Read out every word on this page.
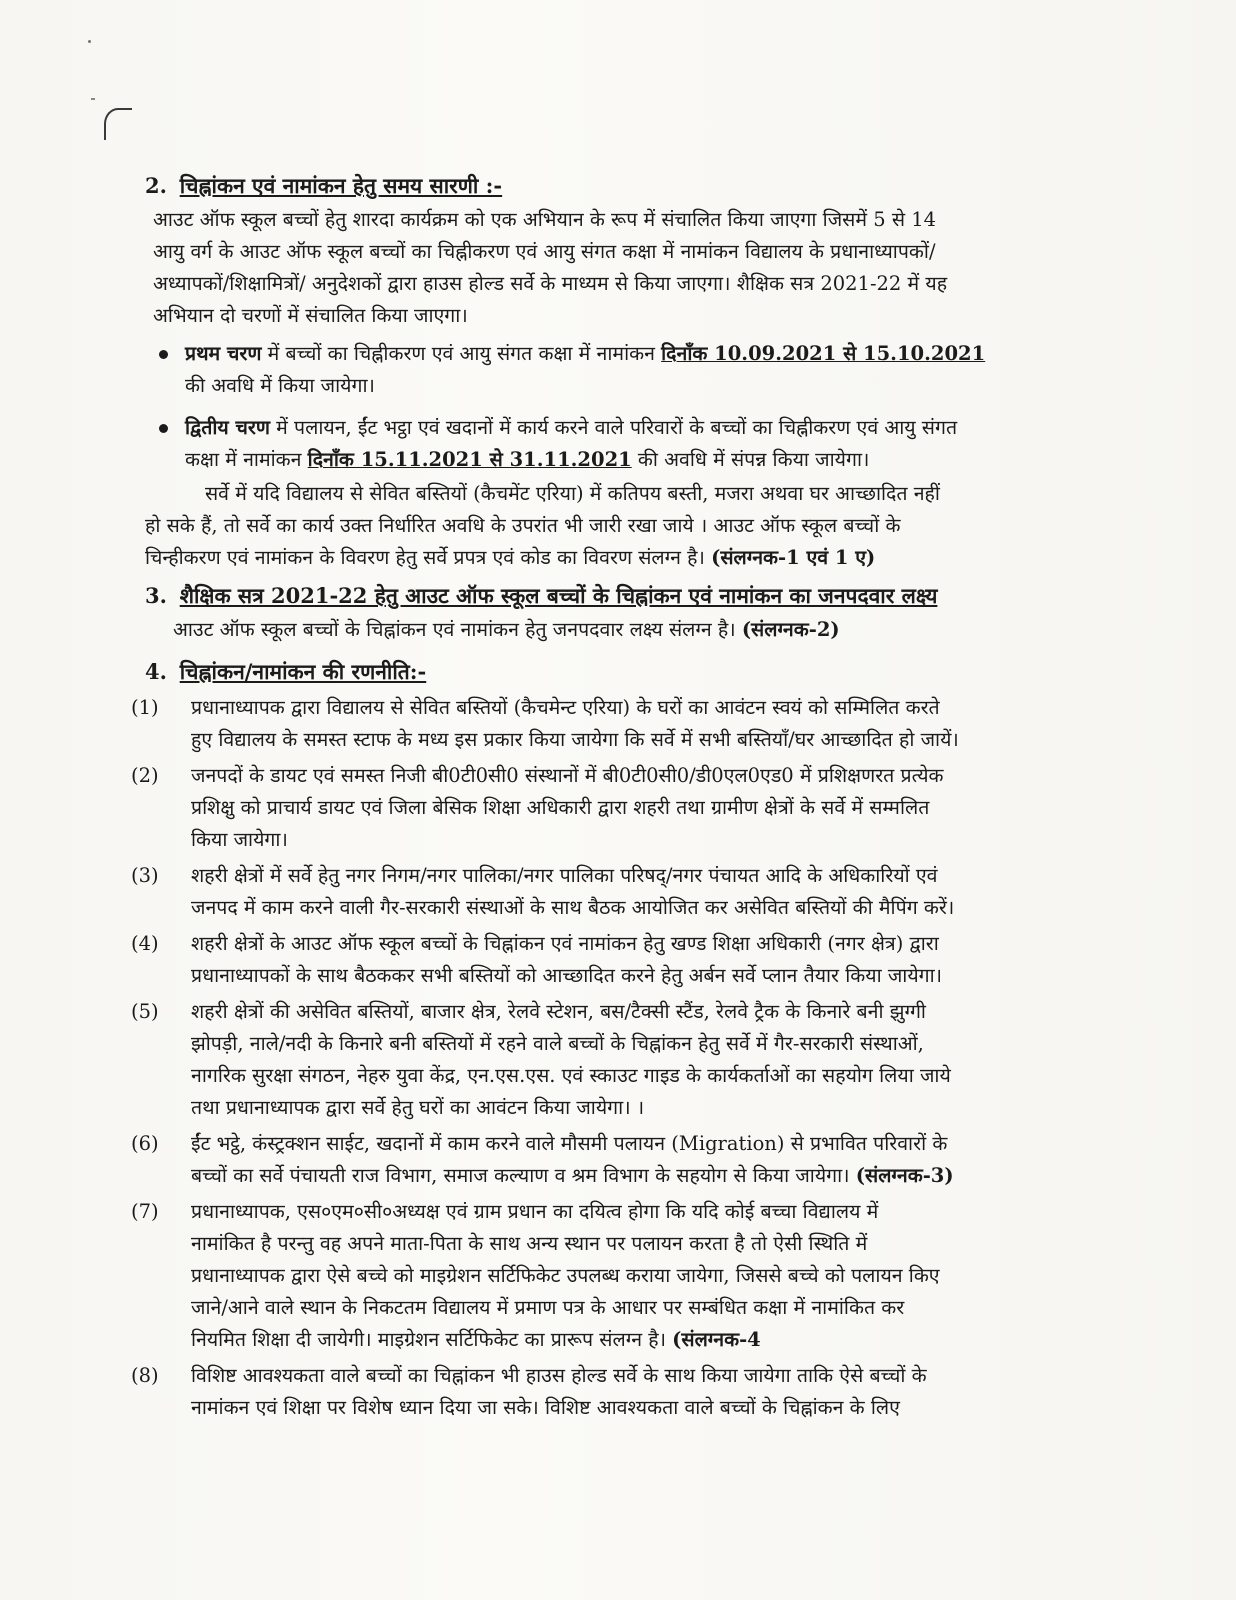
2. चिह्नांकन एवं नामांकन हेतु समय सारणी :-
आउट ऑफ स्कूल बच्चों हेतु शारदा कार्यक्रम को एक अभियान के रूप में संचालित किया जाएगा जिसमें 5 से 14
आयु वर्ग के आउट ऑफ स्कूल बच्चों का चिह्नीकरण एवं आयु संगत कक्षा में नामांकन विद्यालय के प्रधानाध्यापकों/
अध्यापकों/शिक्षामित्रों/ अनुदेशकों द्वारा हाउस होल्ड सर्वे के माध्यम से किया जाएगा। शैक्षिक सत्र 2021-22 में यह
अभियान दो चरणों में संचालित किया जाएगा।
प्रथम चरण में बच्चों का चिह्नीकरण एवं आयु संगत कक्षा में नामांकन दिनाँक 10.09.2021 से 15.10.2021
की अवधि में किया जायेगा।
द्वितीय चरण में पलायन, ईंट भट्ठा एवं खदानों में कार्य करने वाले परिवारों के बच्चों का चिह्नीकरण एवं आयु संगत
कक्षा में नामांकन दिनाँक 15.11.2021 से 31.11.2021 की अवधि में संपन्न किया जायेगा।
सर्वे में यदि विद्यालय से सेवित बस्तियों (कैचमेंट एरिया) में कतिपय बस्ती, मजरा अथवा घर आच्छादित नहीं
हो सके हैं, तो सर्वे का कार्य उक्त निर्धारित अवधि के उपरांत भी जारी रखा जाये । आउट ऑफ स्कूल बच्चों के
चिन्हीकरण एवं नामांकन के विवरण हेतु सर्वे प्रपत्र एवं कोड का विवरण संलग्न है। (संलग्नक-1 एवं 1 ए)
3. शैक्षिक सत्र 2021-22 हेतु आउट ऑफ स्कूल बच्चों के चिह्नांकन एवं नामांकन का जनपदवार लक्ष्य
आउट ऑफ स्कूल बच्चों के चिह्नांकन एवं नामांकन हेतु जनपदवार लक्ष्य संलग्न है। (संलग्नक-2)
4. चिह्नांकन/नामांकन की रणनीति:-
(1) प्रधानाध्यापक द्वारा विद्यालय से सेवित बस्तियों (कैचमेन्ट एरिया) के घरों का आवंटन स्वयं को सम्मिलित करते
हुए विद्यालय के समस्त स्टाफ के मध्य इस प्रकार किया जायेगा कि सर्वे में सभी बस्तियाँ/घर आच्छादित हो जायें।
(2) जनपदों के डायट एवं समस्त निजी बी0टी0सी0 संस्थानों में बी0टी0सी0/डी0एल0एड0 में प्रशिक्षणरत प्रत्येक
प्रशिक्षु को प्राचार्य डायट एवं जिला बेसिक शिक्षा अधिकारी द्वारा शहरी तथा ग्रामीण क्षेत्रों के सर्वे में सम्मलित
किया जायेगा।
(3) शहरी क्षेत्रों में सर्वे हेतु नगर निगम/नगर पालिका/नगर पालिका परिषद्/नगर पंचायत आदि के अधिकारियों एवं
जनपद में काम करने वाली गैर-सरकारी संस्थाओं के साथ बैठक आयोजित कर असेवित बस्तियों की मैपिंग करें।
(4) शहरी क्षेत्रों के आउट ऑफ स्कूल बच्चों के चिह्नांकन एवं नामांकन हेतु खण्ड शिक्षा अधिकारी (नगर क्षेत्र) द्वारा
प्रधानाध्यापकों के साथ बैठककर सभी बस्तियों को आच्छादित करने हेतु अर्बन सर्वे प्लान तैयार किया जायेगा।
(5) शहरी क्षेत्रों की असेवित बस्तियों, बाजार क्षेत्र, रेलवे स्टेशन, बस/टैक्सी स्टैंड, रेलवे ट्रैक के किनारे बनी झुग्गी
झोपड़ी, नाले/नदी के किनारे बनी बस्तियों में रहने वाले बच्चों के चिह्नांकन हेतु सर्वे में गैर-सरकारी संस्थाओं,
नागरिक सुरक्षा संगठन, नेहरु युवा केंद्र, एन.एस.एस. एवं स्काउट गाइड के कार्यकर्ताओं का सहयोग लिया जाये
तथा प्रधानाध्यापक द्वारा सर्वे हेतु घरों का आवंटन किया जायेगा। ।
(6) ईंट भट्ठे, कंस्ट्रक्शन साईट, खदानों में काम करने वाले मौसमी पलायन (Migration) से प्रभावित परिवारों के
बच्चों का सर्वे पंचायती राज विभाग, समाज कल्याण व श्रम विभाग के सहयोग से किया जायेगा। (संलग्नक-3)
(7) प्रधानाध्यापक, एस०एम०सी०अध्यक्ष एवं ग्राम प्रधान का दयित्व होगा कि यदि कोई बच्चा विद्यालय में
नामांकित है परन्तु वह अपने माता-पिता के साथ अन्य स्थान पर पलायन करता है तो ऐसी स्थिति में
प्रधानाध्यापक द्वारा ऐसे बच्चे को माइग्रेशन सर्टिफिकेट उपलब्ध कराया जायेगा, जिससे बच्चे को पलायन किए
जाने/आने वाले स्थान के निकटतम विद्यालय में प्रमाण पत्र के आधार पर सम्बंधित कक्षा में नामांकित कर
नियमित शिक्षा दी जायेगी। माइग्रेशन सर्टिफिकेट का प्रारूप संलग्न है। (संलग्नक-4
(8) विशिष्ट आवश्यकता वाले बच्चों का चिह्नांकन भी हाउस होल्ड सर्वे के साथ किया जायेगा ताकि ऐसे बच्चों के
नामांकन एवं शिक्षा पर विशेष ध्यान दिया जा सके। विशिष्ट आवश्यकता वाले बच्चों के चिह्नांकन के लिए
